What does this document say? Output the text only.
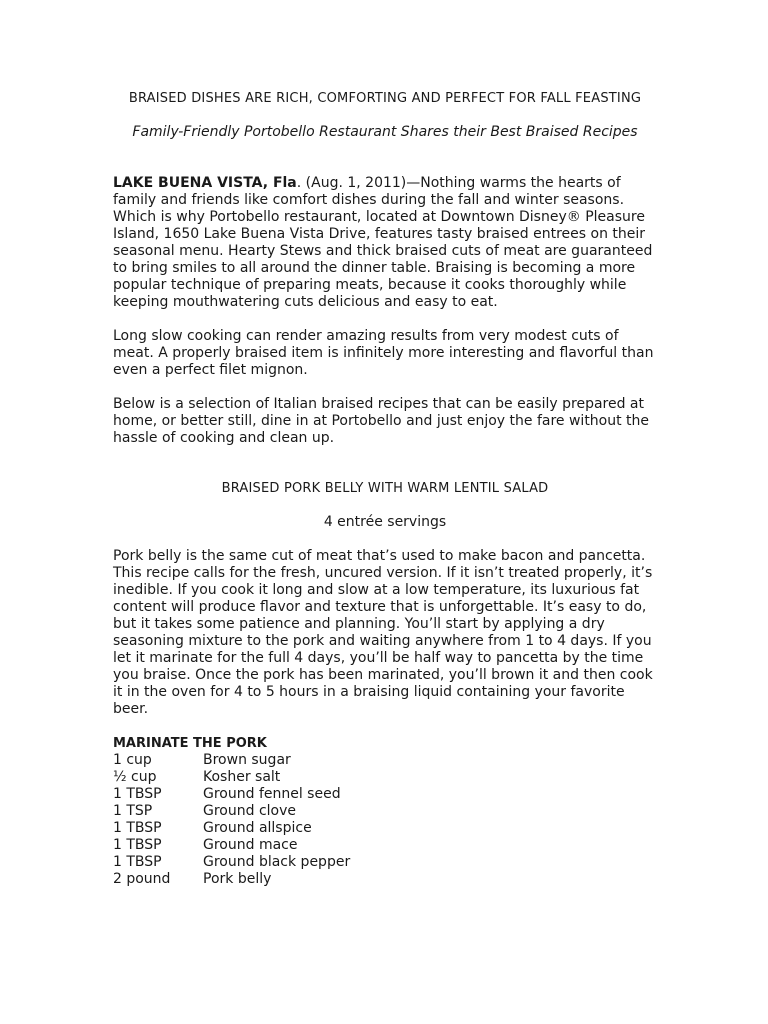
BRAISED DISHES ARE RICH, COMFORTING AND PERFECT FOR FALL FEASTING
Family-Friendly Portobello Restaurant Shares their Best Braised Recipes

LAKE BUENA VISTA, Fla. (Aug. 1, 2011)—Nothing warms the hearts of family and friends like comfort dishes during the fall and winter seasons. Which is why Portobello restaurant, located at Downtown Disney® Pleasure Island, 1650 Lake Buena Vista Drive, features tasty braised entrees on their seasonal menu. Hearty Stews and thick braised cuts of meat are guaranteed to bring smiles to all around the dinner table. Braising is becoming a more popular technique of preparing meats, because it cooks thoroughly while keeping mouthwatering cuts delicious and easy to eat.

Long slow cooking can render amazing results from very modest cuts of meat. A properly braised item is infinitely more interesting and flavorful than even a perfect filet mignon.

Below is a selection of Italian braised recipes that can be easily prepared at home, or better still, dine in at Portobello and just enjoy the fare without the hassle of cooking and clean up.

BRAISED PORK BELLY WITH WARM LENTIL SALAD
4 entrée servings

Pork belly is the same cut of meat that’s used to make bacon and pancetta. This recipe calls for the fresh, uncured version. If it isn’t treated properly, it’s inedible. If you cook it long and slow at a low temperature, its luxurious fat content will produce flavor and texture that is unforgettable. It’s easy to do, but it takes some patience and planning. You’ll start by applying a dry seasoning mixture to the pork and waiting anywhere from 1 to 4 days. If you let it marinate for the full 4 days, you’ll be half way to pancetta by the time you braise. Once the pork has been marinated, you’ll brown it and then cook it in the oven for 4 to 5 hours in a braising liquid containing your favorite beer.

MARINATE THE PORK
1 cup	Brown sugar
½ cup	Kosher salt
1 TBSP	Ground fennel seed
1 TSP	Ground clove
1 TBSP	Ground allspice
1 TBSP	Ground mace
1 TBSP	Ground black pepper
2 pound	Pork belly
